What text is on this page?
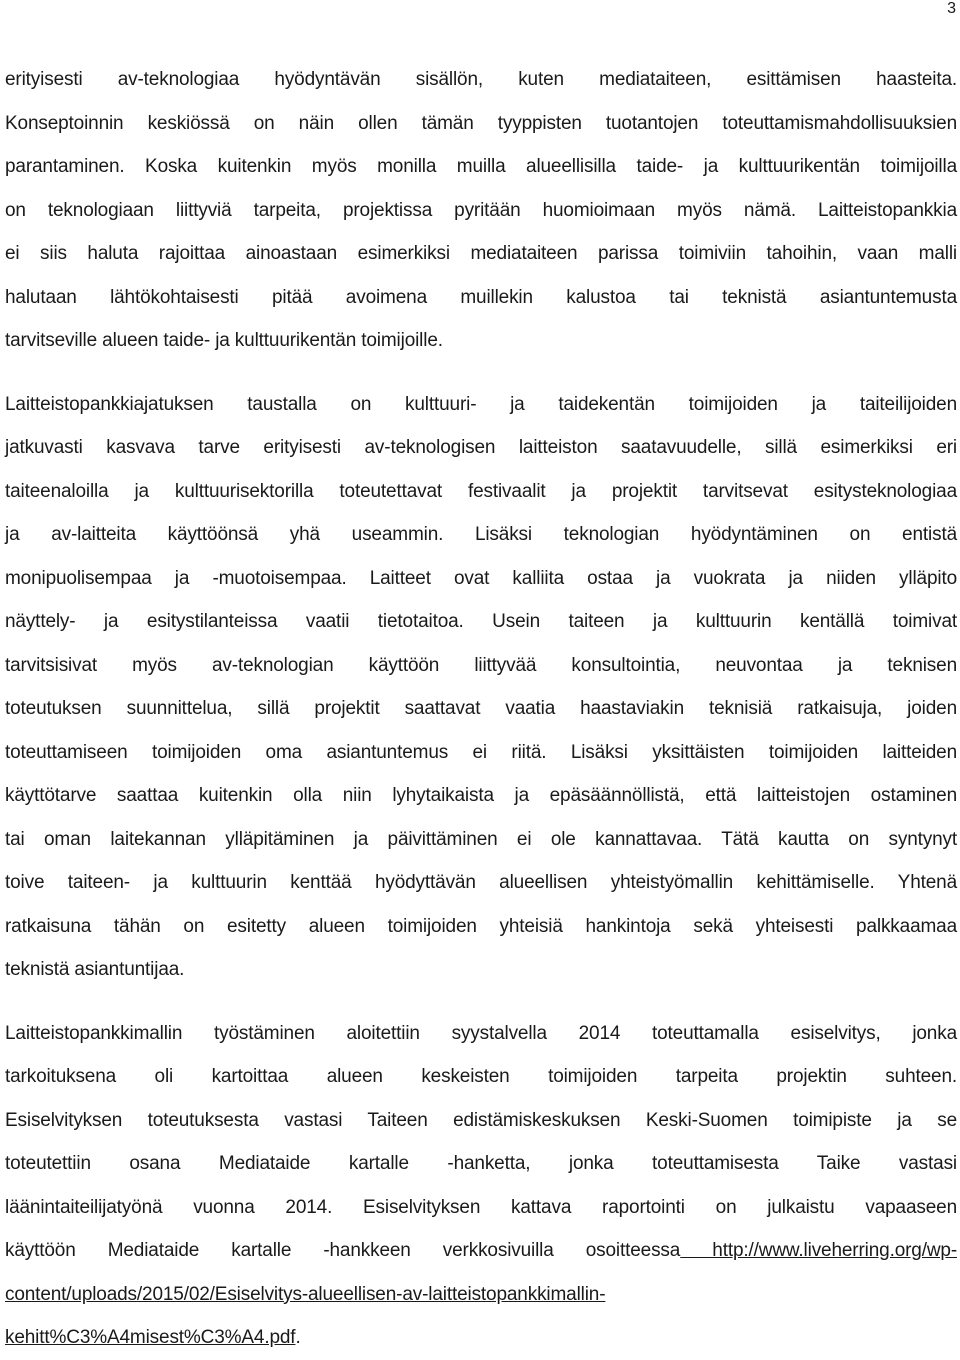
3

erityisesti av-teknologiaa hyödyntävän sisällön, kuten mediataiteen, esittämisen haasteita.
Konseptoinnin keskiössä on näin ollen tämän tyyppisten tuotantojen toteuttamismahdollisuuksien
parantaminen. Koska kuitenkin myös monilla muilla alueellisilla taide- ja kulttuurikentän toimijoilla
on teknologiaan liittyviä tarpeita, projektissa pyritään huomioimaan myös nämä. Laitteistopankkia
ei siis haluta rajoittaa ainoastaan esimerkiksi mediataiteen parissa toimiviin tahoihin, vaan malli
halutaan lähtökohtaisesti pitää avoimena muillekin kalustoa tai teknistä asiantuntemusta
tarvitseville alueen taide- ja kulttuurikentän toimijoille.

Laitteistopankkiajatuksen taustalla on kulttuuri- ja taidekentän toimijoiden ja taiteilijoiden
jatkuvasti kasvava tarve erityisesti av-teknologisen laitteiston saatavuudelle, sillä esimerkiksi eri
taiteenaloilla ja kulttuurisektorilla toteutettavat festivaalit ja projektit tarvitsevat esitysteknologiaa
ja av-laitteita käyttöönsä yhä useammin. Lisäksi teknologian hyödyntäminen on entistä
monipuolisempaa ja -muotoisempaa. Laitteet ovat kalliita ostaa ja vuokrata ja niiden ylläpito
näyttely- ja esitystilanteissa vaatii tietotaitoa. Usein taiteen ja kulttuurin kentällä toimivat
tarvitsisivat myös av-teknologian käyttöön liittyvää konsultointia, neuvontaa ja teknisen
toteutuksen suunnittelua, sillä projektit saattavat vaatia haastaviakin teknisiä ratkaisuja, joiden
toteuttamiseen toimijoiden oma asiantuntemus ei riitä. Lisäksi yksittäisten toimijoiden laitteiden
käyttötarve saattaa kuitenkin olla niin lyhytaikaista ja epäsäännöllistä, että laitteistojen ostaminen
tai oman laitekannan ylläpitäminen ja päivittäminen ei ole kannattavaa. Tätä kautta on syntynyt
toive taiteen- ja kulttuurin kenttää hyödyttävän alueellisen yhteistyömallin kehittämiselle. Yhtenä
ratkaisuna tähän on esitetty alueen toimijoiden yhteisiä hankintoja sekä yhteisesti palkkaamaa
teknistä asiantuntijaa.

Laitteistopankkimallin työstäminen aloitettiin syystalvella 2014 toteuttamalla esiselvitys, jonka
tarkoituksena oli kartoittaa alueen keskeisten toimijoiden tarpeita projektin suhteen.
Esiselvityksen toteutuksesta vastasi Taiteen edistämiskeskuksen Keski-Suomen toimipiste ja se
toteutettiin osana Mediataide kartalle -hanketta, jonka toteuttamisesta Taike vastasi
läänintaiteilijatyönä vuonna 2014. Esiselvityksen kattava raportointi on julkaistu vapaaseen
käyttöön Mediataide kartalle -hankkeen verkkosivuilla osoitteessa http://www.liveherring.org/wp-
content/uploads/2015/02/Esiselvitys-alueellisen-av-laitteistopankkimallin-
kehitt%C3%A4misest%C3%A4.pdf.
